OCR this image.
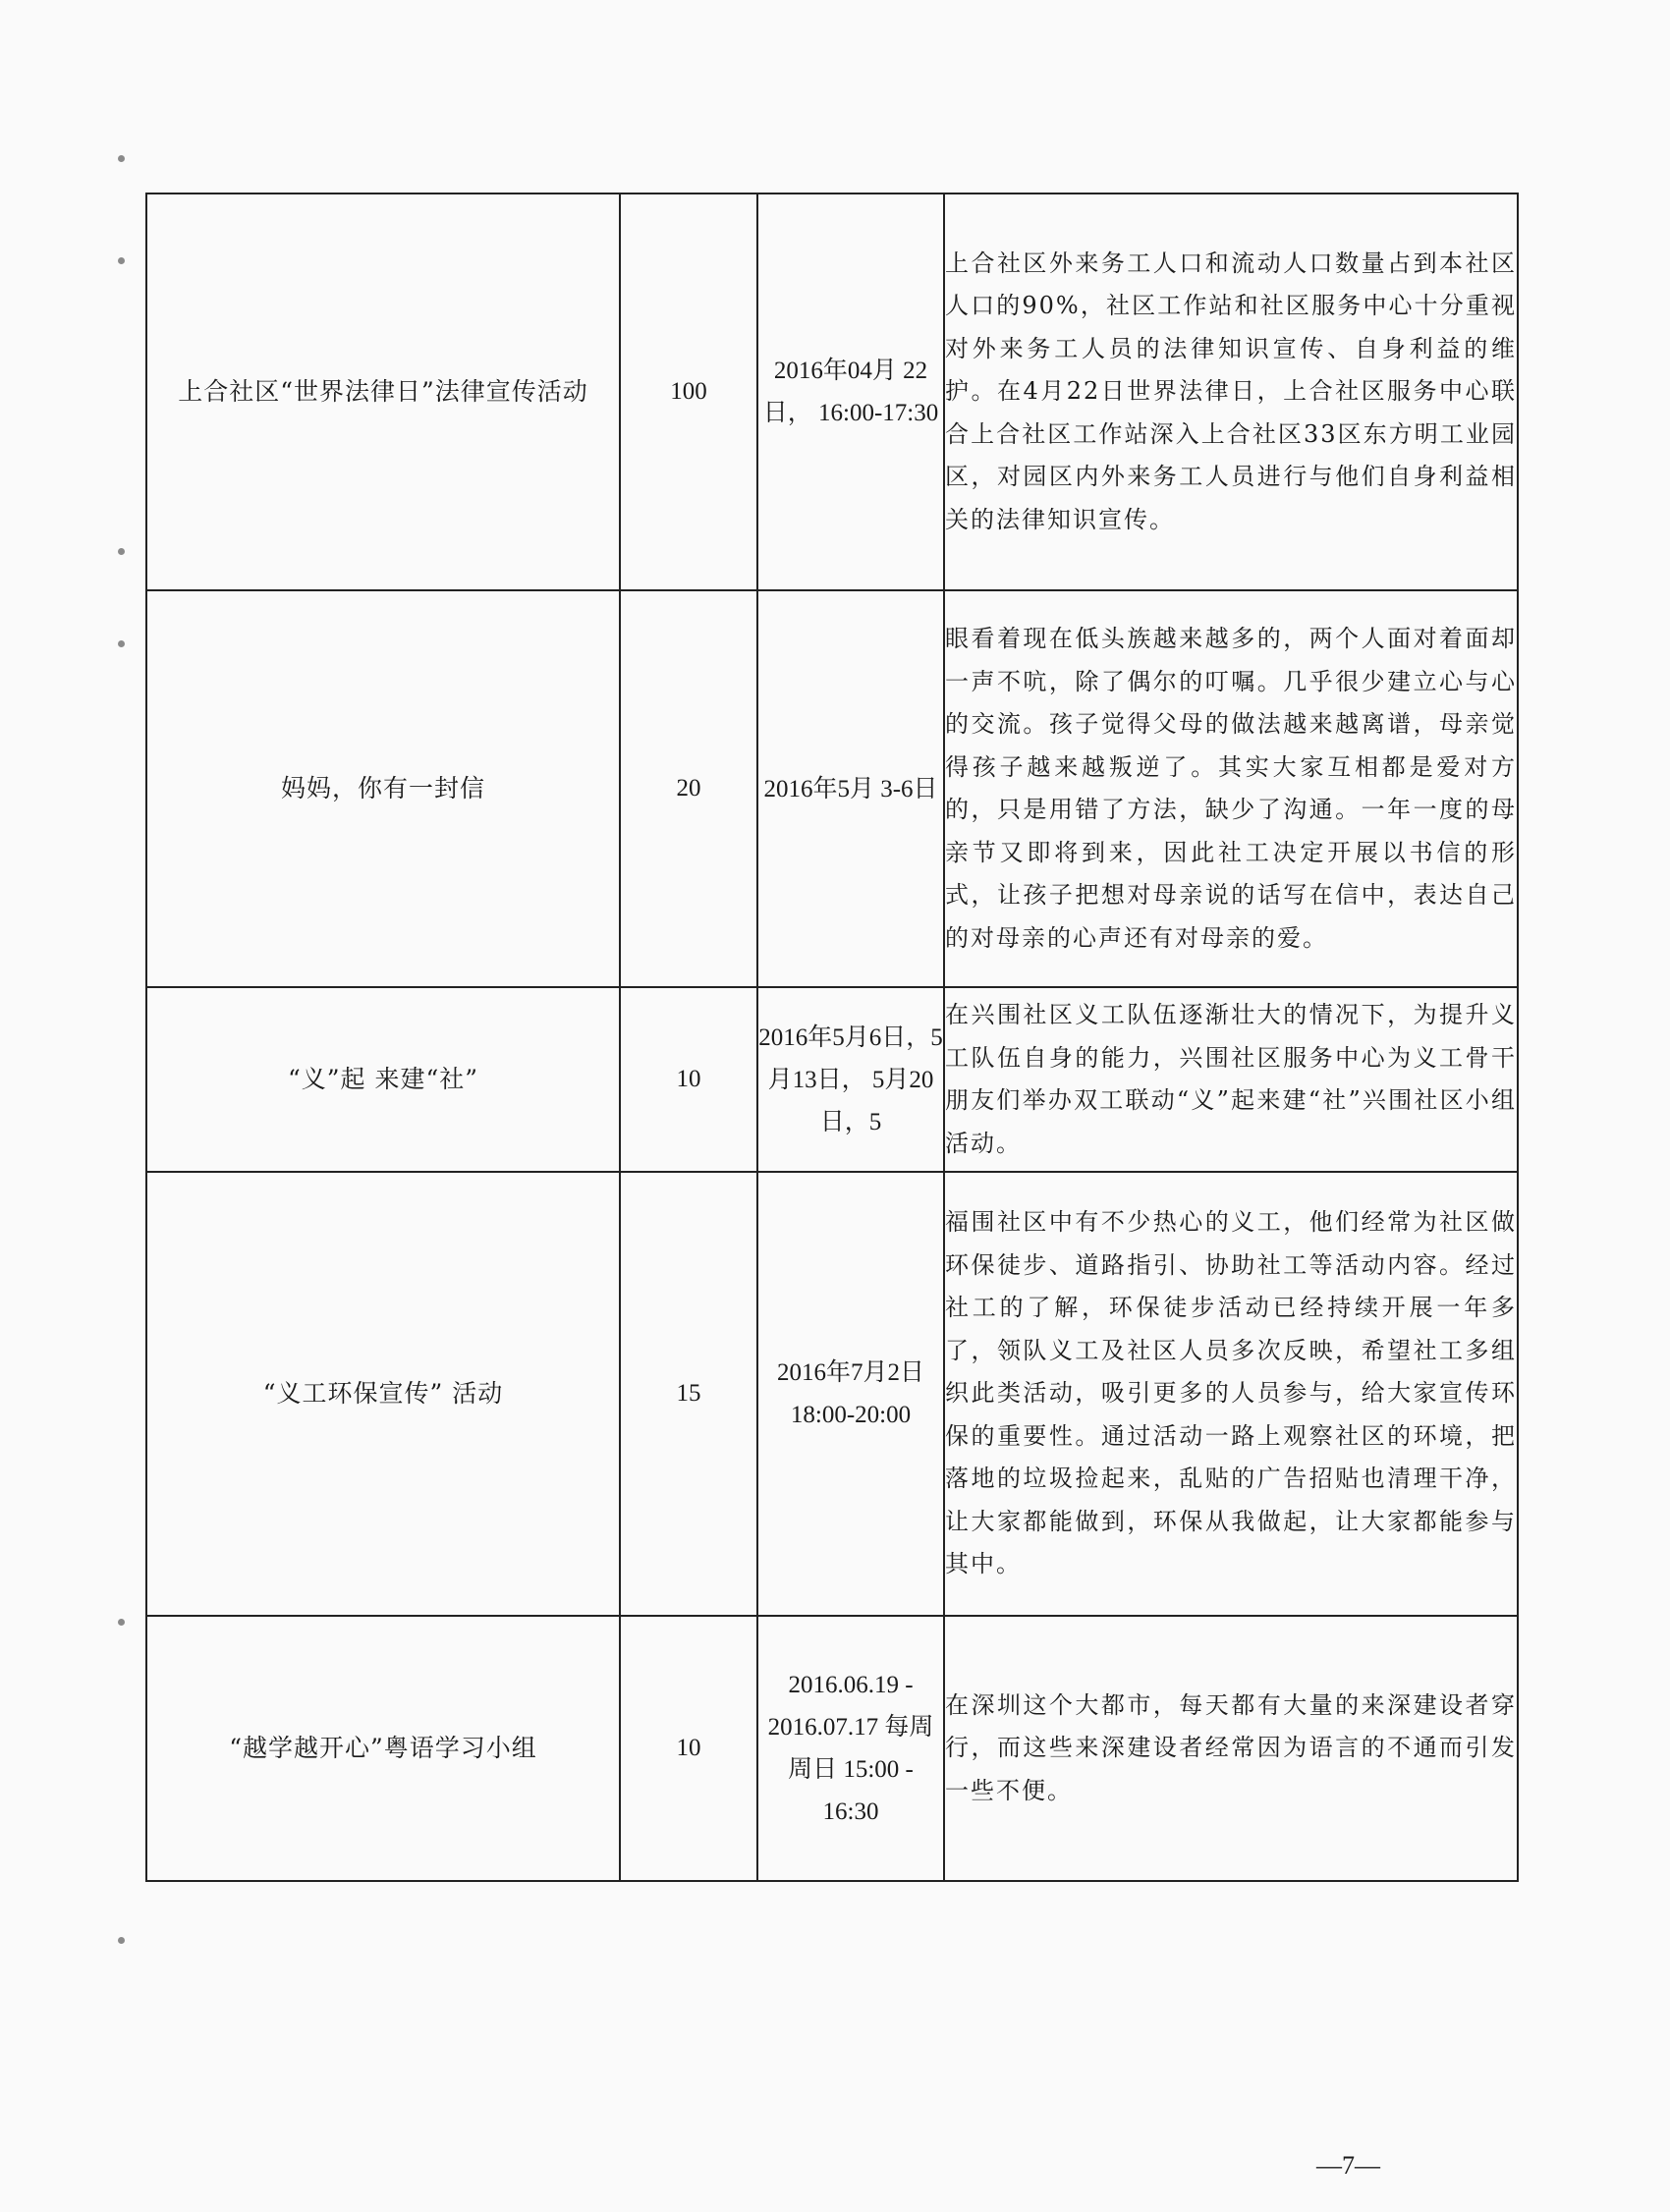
上合社区“世界法律日”法律宣传活动	100	2016年04月 22日， 16:00-17:30	上合社区外来务工人口和流动人口数量占到本社区人口的90%，社区工作站和社区服务中心十分重视对外来务工人员的法律知识宣传、自身利益的维护。在4月22日世界法律日，上合社区服务中心联合上合社区工作站深入上合社区33区东方明工业园区，对园区内外来务工人员进行与他们自身利益相关的法律知识宣传。
妈妈，你有一封信	20	2016年5月 3-6日	眼看着现在低头族越来越多的，两个人面对着面却一声不吭，除了偶尔的叮嘱。几乎很少建立心与心的交流。孩子觉得父母的做法越来越离谱，母亲觉得孩子越来越叛逆了。其实大家互相都是爱对方的，只是用错了方法，缺少了沟通。一年一度的母亲节又即将到来，因此社工决定开展以书信的形式，让孩子把想对母亲说的话写在信中，表达自己的对母亲的心声还有对母亲的爱。
“义”起 来建“社”	10	2016年5月6日，5月13日， 5月20日，5	在兴围社区义工队伍逐渐壮大的情况下，为提升义工队伍自身的能力，兴围社区服务中心为义工骨干朋友们举办双工联动“义”起来建“社”兴围社区小组活动。
“义工环保宣传” 活动	15	2016年7月2日 18:00-20:00	福围社区中有不少热心的义工，他们经常为社区做环保徒步、道路指引、协助社工等活动内容。经过社工的了解，环保徒步活动已经持续开展一年多了，领队义工及社区人员多次反映，希望社工多组织此类活动，吸引更多的人员参与，给大家宣传环保的重要性。通过活动一路上观察社区的环境，把落地的垃圾捡起来，乱贴的广告招贴也清理干净，让大家都能做到，环保从我做起，让大家都能参与其中。
“越学越开心”粤语学习小组	10	2016.06.19 - 2016.07.17 每周周日 15:00 - 16:30	在深圳这个大都市，每天都有大量的来深建设者穿行，而这些来深建设者经常因为语言的不通而引发一些不便。
—7—
